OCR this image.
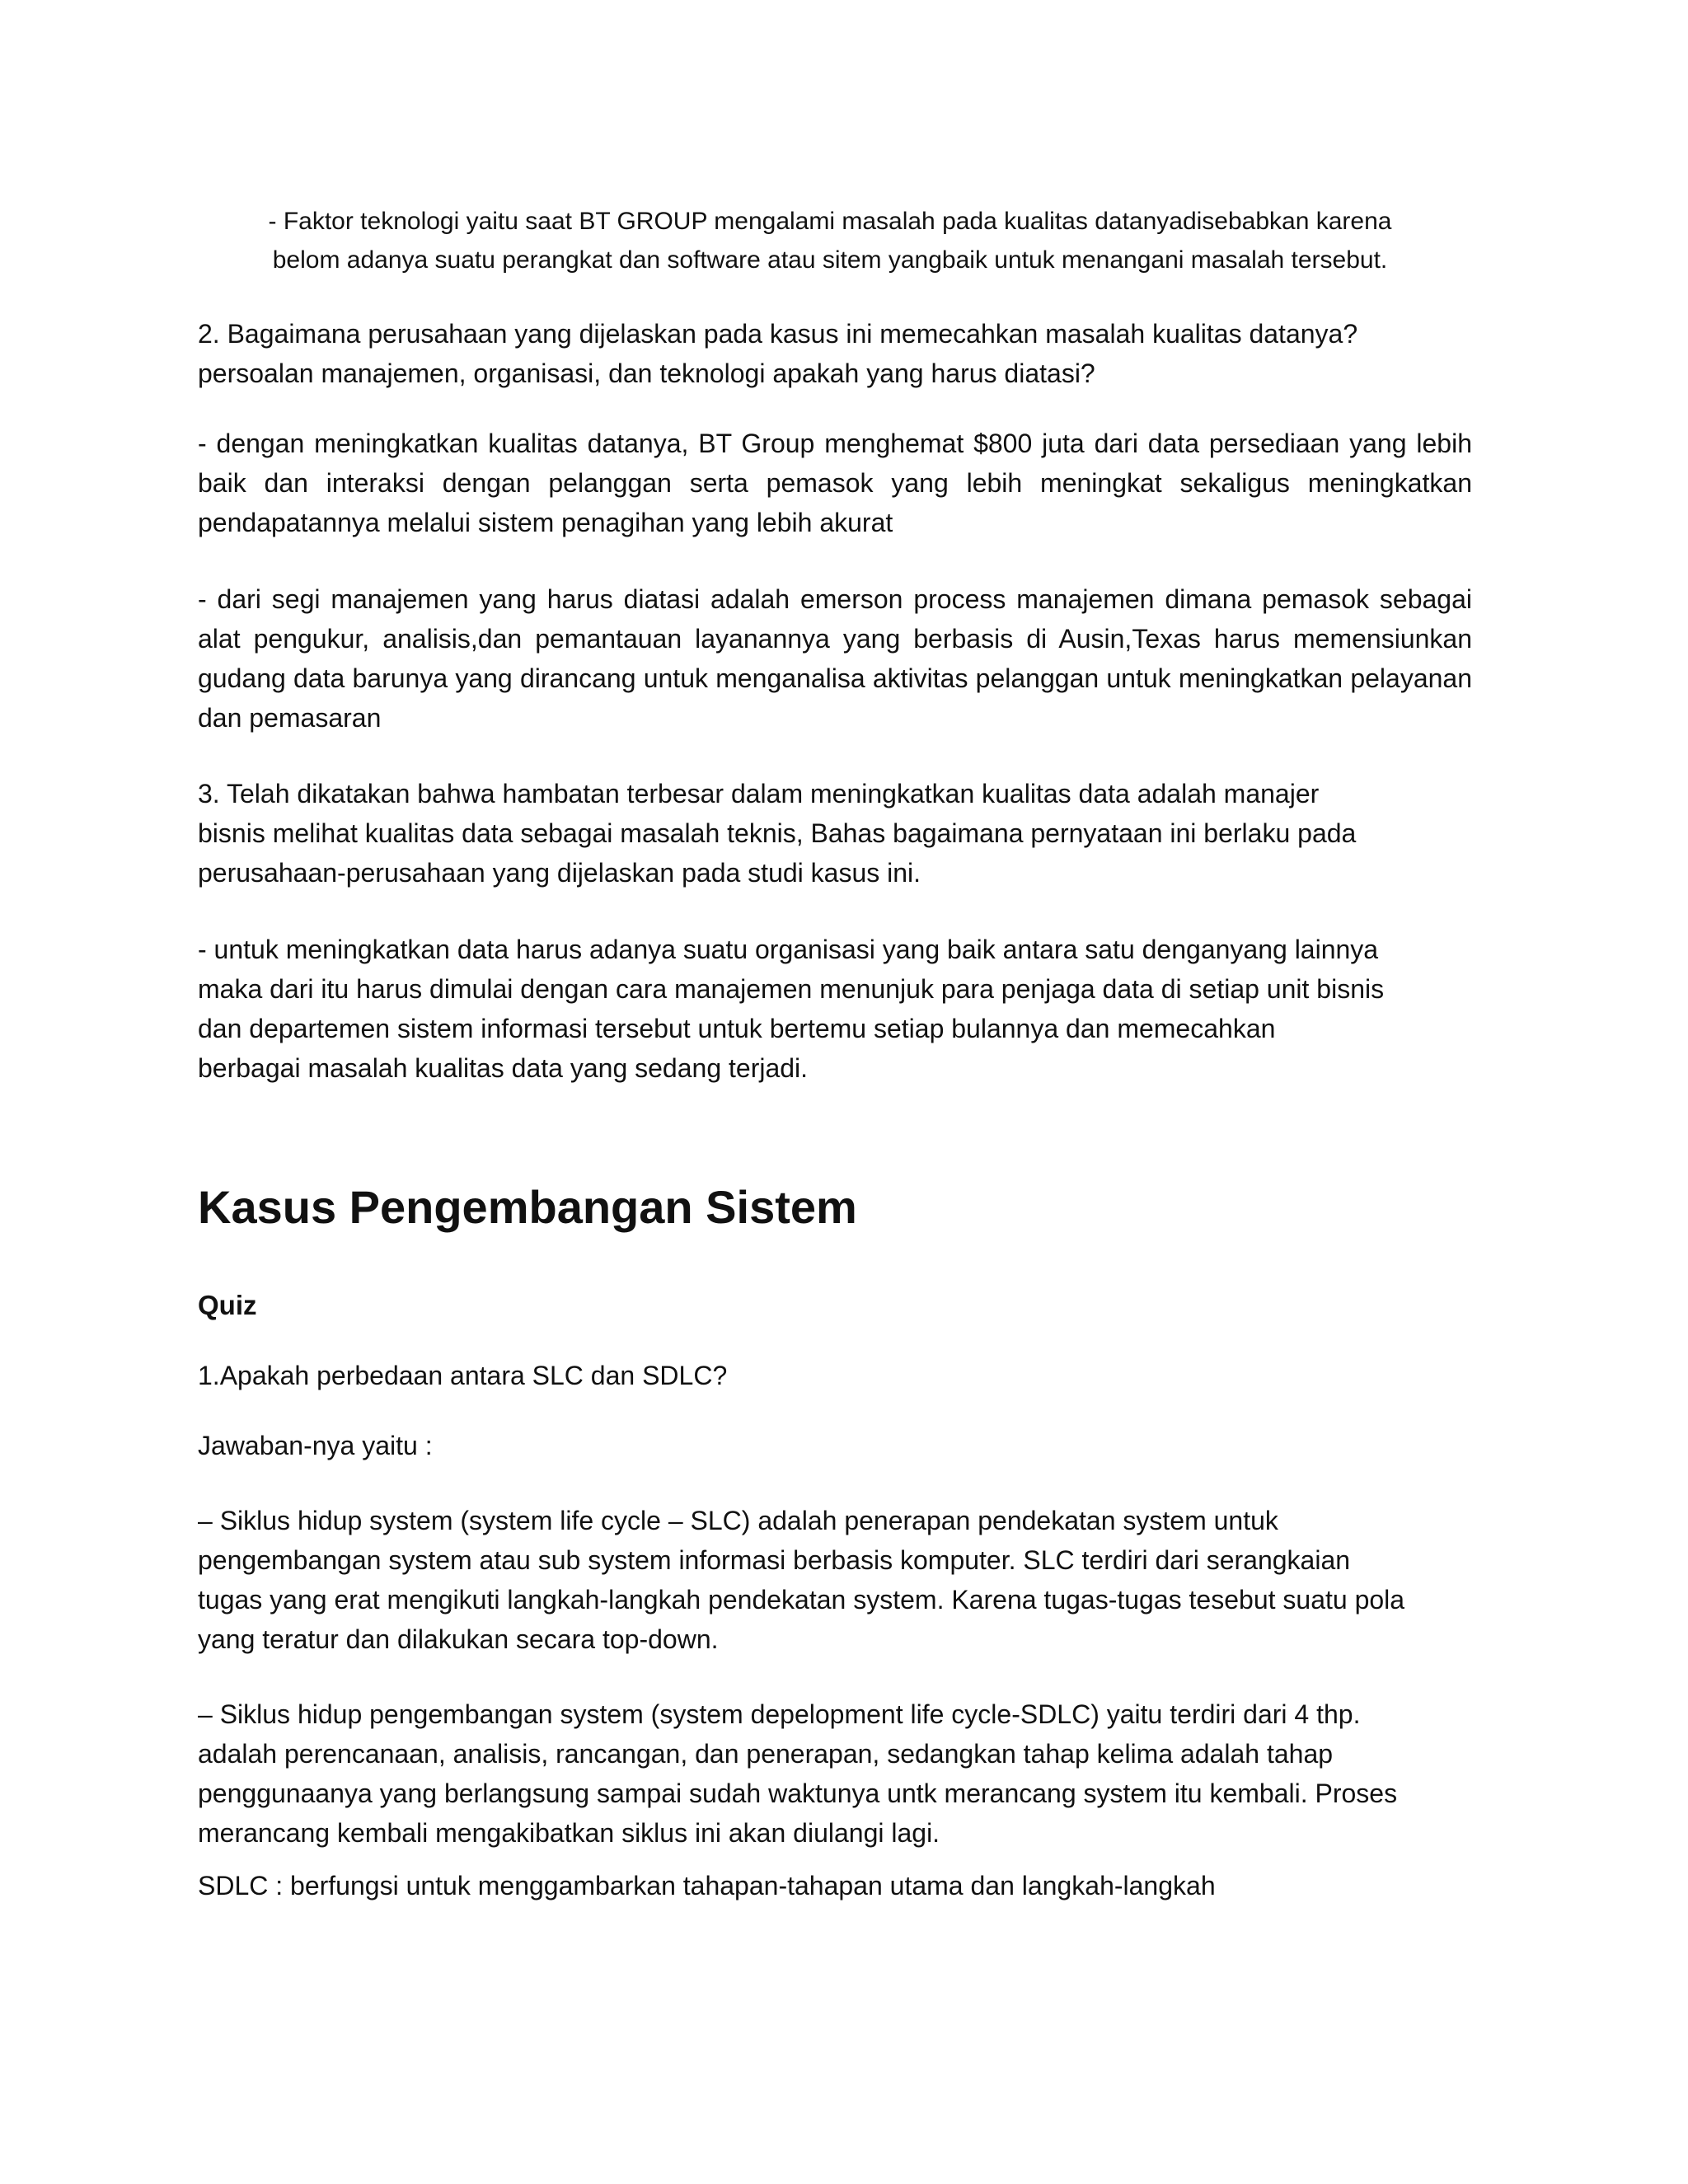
- Faktor teknologi yaitu saat BT GROUP mengalami masalah pada kualitas datanyadisebabkan karena
belom adanya suatu perangkat dan software atau sitem yangbaik untuk menangani masalah tersebut.
2. Bagaimana perusahaan yang dijelaskan pada kasus ini memecahkan masalah kualitas datanya?
persoalan manajemen, organisasi, dan teknologi apakah yang harus diatasi?

- dengan meningkatkan kualitas datanya, BT Group menghemat $800 juta dari data persediaan yang lebih baik dan interaksi dengan pelanggan serta pemasok yang lebih meningkat sekaligus meningkatkan pendapatannya melalui sistem penagihan yang lebih akurat

- dari segi manajemen yang harus diatasi adalah emerson process manajemen dimana pemasok sebagai alat pengukur, analisis,dan pemantauan layanannya yang berbasis di Ausin,Texas harus memensiunkan gudang data barunya yang dirancang untuk menganalisa aktivitas pelanggan untuk meningkatkan pelayanan dan pemasaran

3. Telah dikatakan bahwa hambatan terbesar dalam meningkatkan kualitas data adalah manajer
bisnis melihat kualitas data sebagai masalah teknis, Bahas bagaimana pernyataan ini berlaku pada
perusahaan-perusahaan yang dijelaskan pada studi kasus ini.
- untuk meningkatkan data harus adanya suatu organisasi yang baik antara satu denganyang lainnya
maka dari itu harus dimulai dengan cara manajemen menunjuk para penjaga data di setiap unit bisnis
dan departemen sistem informasi tersebut untuk bertemu setiap bulannya dan memecahkan
berbagai masalah kualitas data yang sedang terjadi.
Kasus Pengembangan Sistem

Quiz

1.Apakah perbedaan antara SLC dan SDLC?

Jawaban-nya yaitu :

– Siklus hidup system (system life cycle – SLC) adalah penerapan pendekatan system untuk
pengembangan system atau sub system informasi berbasis komputer. SLC terdiri dari serangkaian
tugas yang erat mengikuti langkah-langkah pendekatan system. Karena tugas-tugas tesebut suatu pola
yang teratur dan dilakukan secara top-down.
– Siklus hidup pengembangan system (system depelopment life cycle-SDLC) yaitu terdiri dari 4 thp.
adalah perencanaan, analisis, rancangan, dan penerapan, sedangkan tahap kelima adalah tahap
penggunaanya yang berlangsung sampai sudah waktunya untk merancang system itu kembali. Proses
merancang kembali mengakibatkan siklus ini akan diulangi lagi.

SDLC : berfungsi untuk menggambarkan tahapan-tahapan utama dan langkah-langkah
